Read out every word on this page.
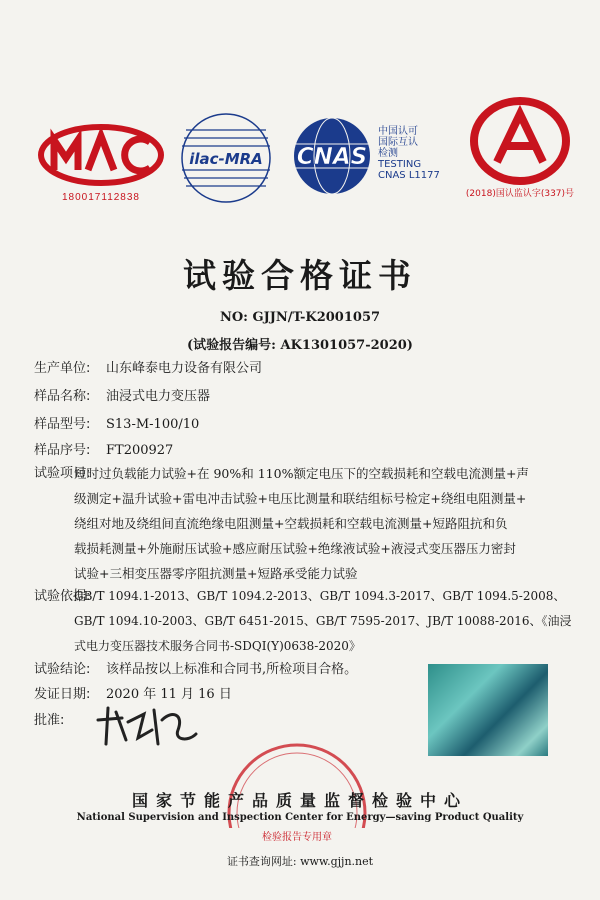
180017112838
ilac-MRA CNAS
中国认可
国际互认
检测
TESTING
CNAS L1177
(2018)国认监认字(337)号
试验合格证书
NO: GJJN/T-K2001057
(试验报告编号: AK1301057-2020)
生产单位: 山东峰泰电力设备有限公司
样品名称: 油浸式电力变压器
样品型号: S13-M-100/10
样品序号: FT200927
试验项目:
短时过负载能力试验+在 90%和 110%额定电压下的空载损耗和空载电流测量+声
级测定+温升试验+雷电冲击试验+电压比测量和联结组标号检定+绕组电阻测量+
绕组对地及绕组间直流绝缘电阻测量+空载损耗和空载电流测量+短路阻抗和负
载损耗测量+外施耐压试验+感应耐压试验+绝缘液试验+液浸式变压器压力密封
试验+三相变压器零序阻抗测量+短路承受能力试验
试验依据:
GB/T 1094.1-2013、GB/T 1094.2-2013、GB/T 1094.3-2017、GB/T 1094.5-2008、
GB/T 1094.10-2003、GB/T 6451-2015、GB/T 7595-2017、JB/T 10088-2016、《油浸
式电力变压器技术服务合同书-SDQI(Y)0638-2020》
试验结论: 该样品按以上标准和合同书,所检项目合格。
发证日期: 2020 年 11 月 16 日
批准:
国家节能产品质量监督检验中心
National Supervision and Inspection Center for Energy—saving Product Quality
检验报告专用章
证书查询网址: www.gjjn.net
